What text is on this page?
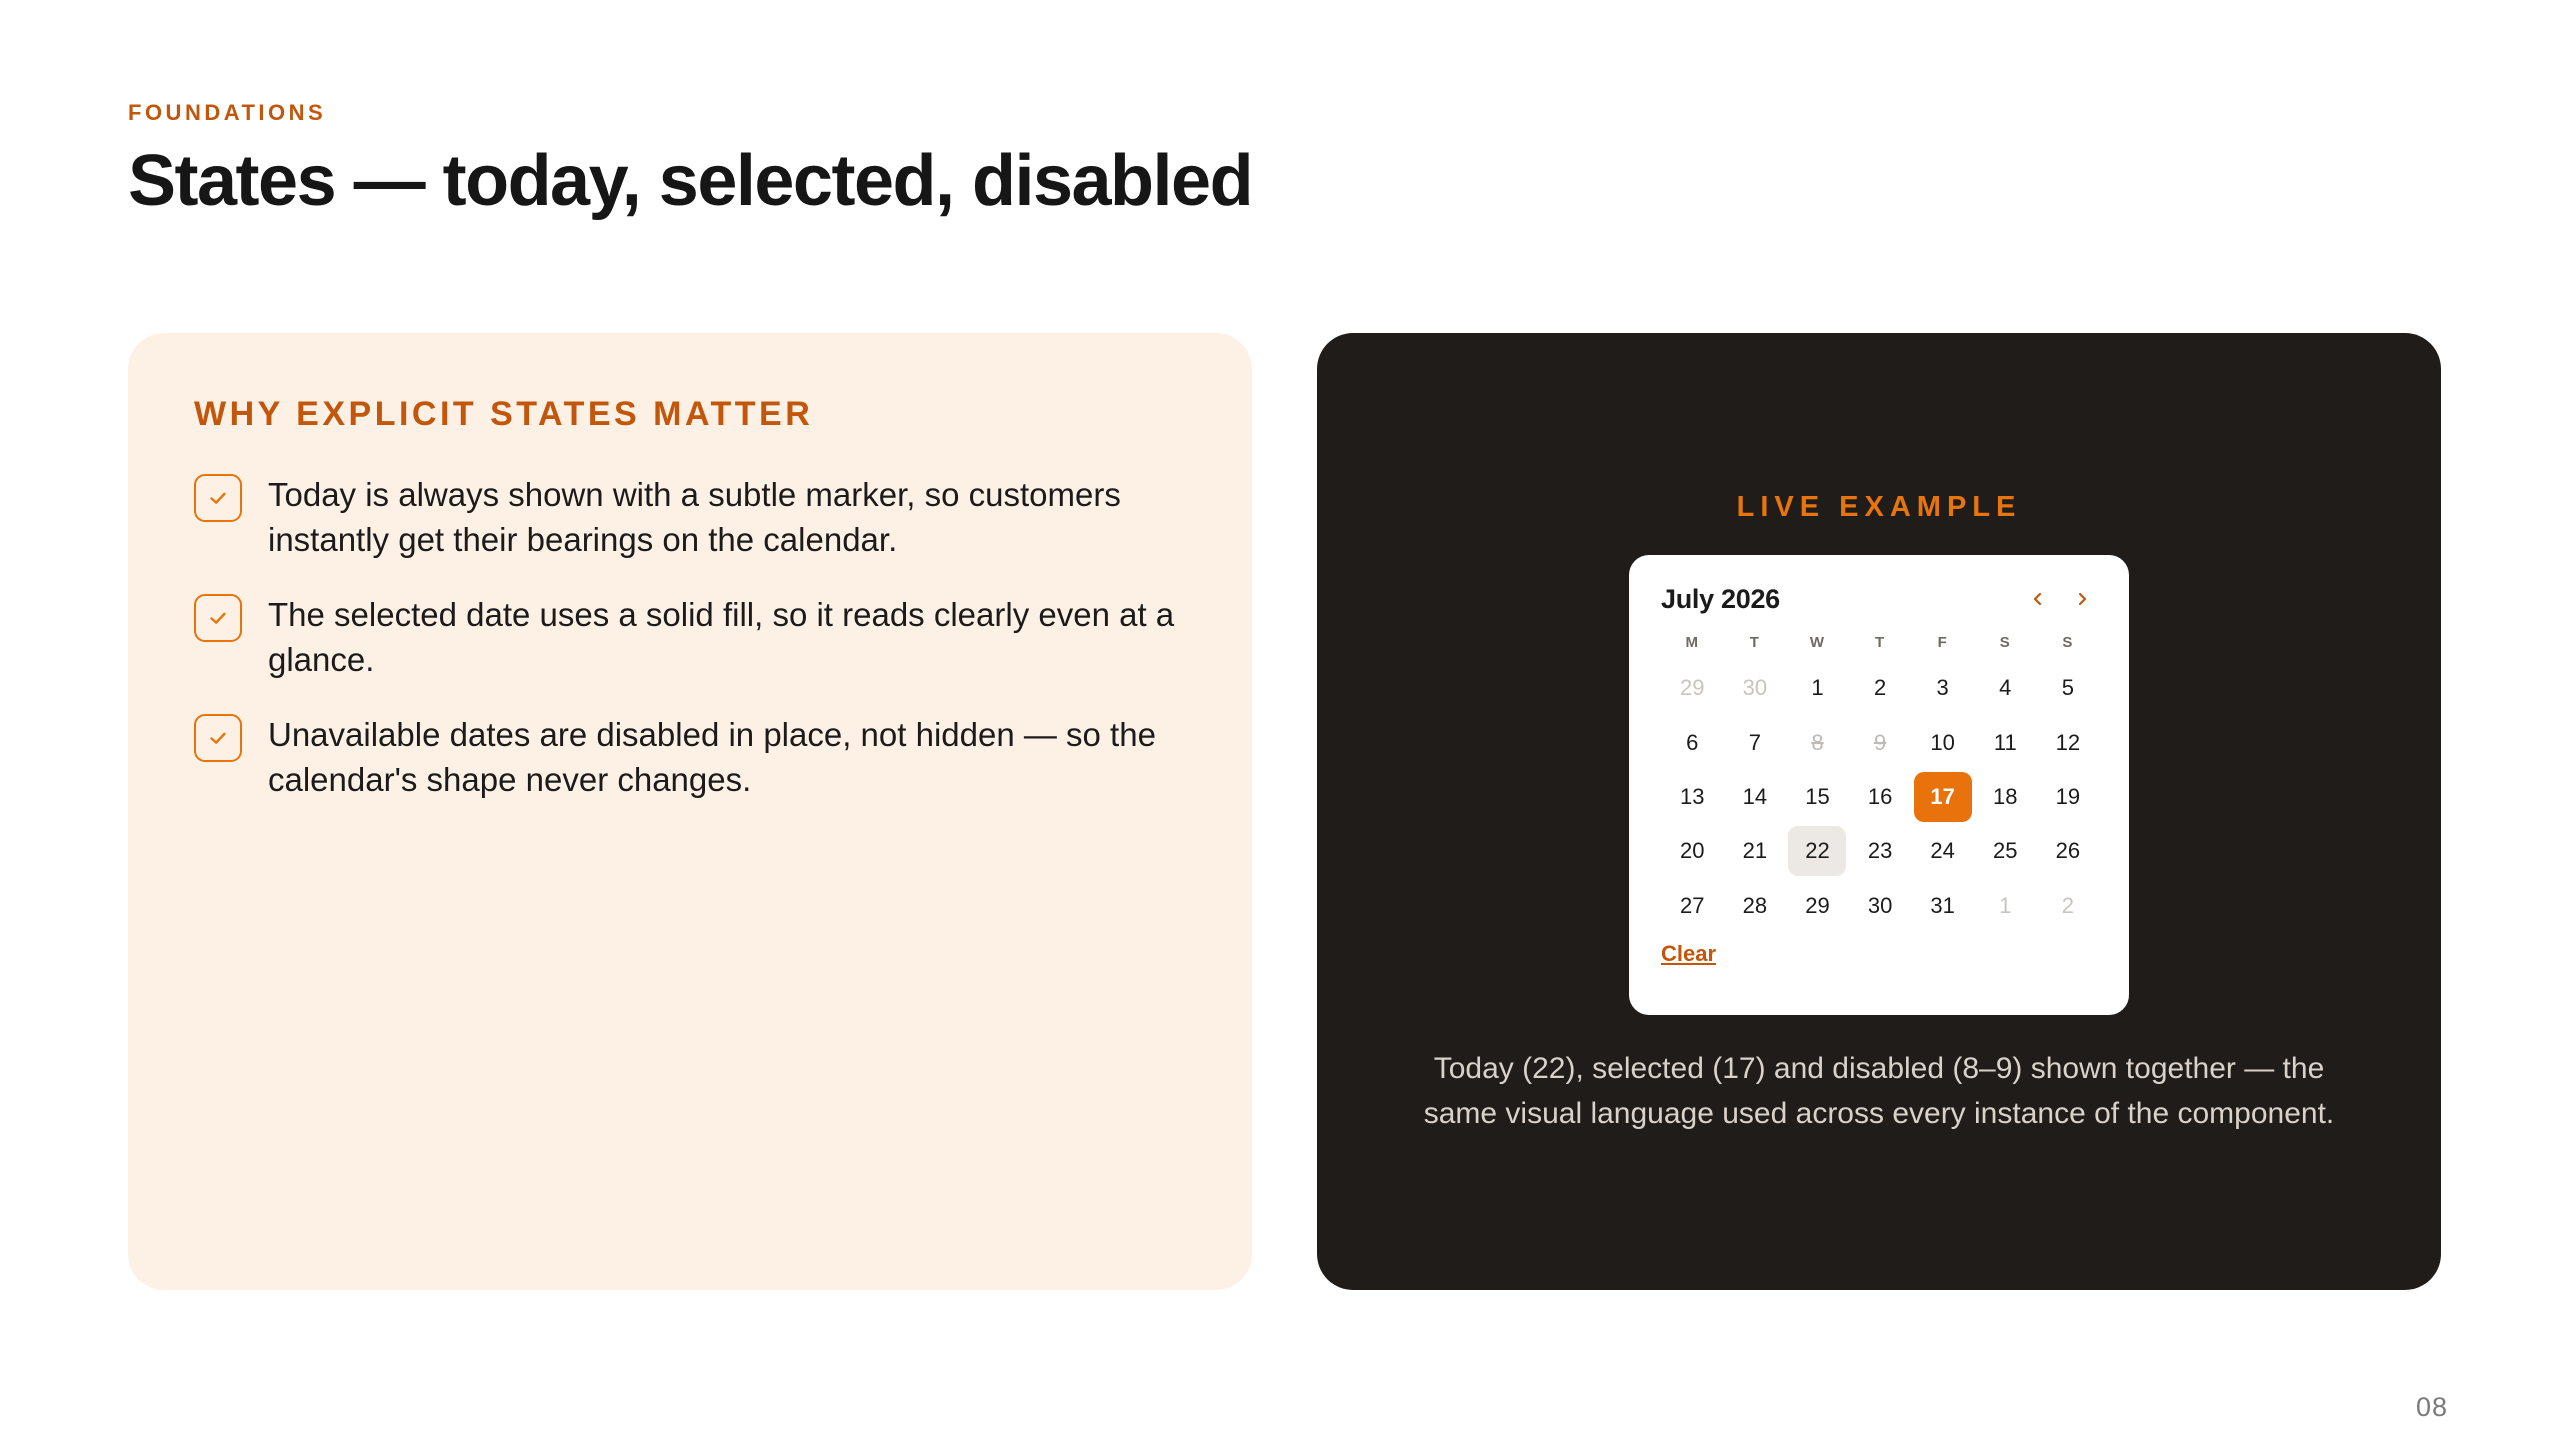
FOUNDATIONS
States — today, selected, disabled
WHY EXPLICIT STATES MATTER
Today is always shown with a subtle marker, so customers instantly get their bearings on the calendar.
The selected date uses a solid fill, so it reads clearly even at a glance.
Unavailable dates are disabled in place, not hidden — so the calendar's shape never changes.
LIVE EXAMPLE
July 2026
M	T	W	T	F	S	S
29	30	1	2	3	4	5
6	7	8	9	10	11	12
13	14	15	16	17	18	19
20	21	22	23	24	25	26
27	28	29	30	31	1	2
Clear

Today (22), selected (17) and disabled (8–9) shown together — the same visual language used across every instance of the component.

08
